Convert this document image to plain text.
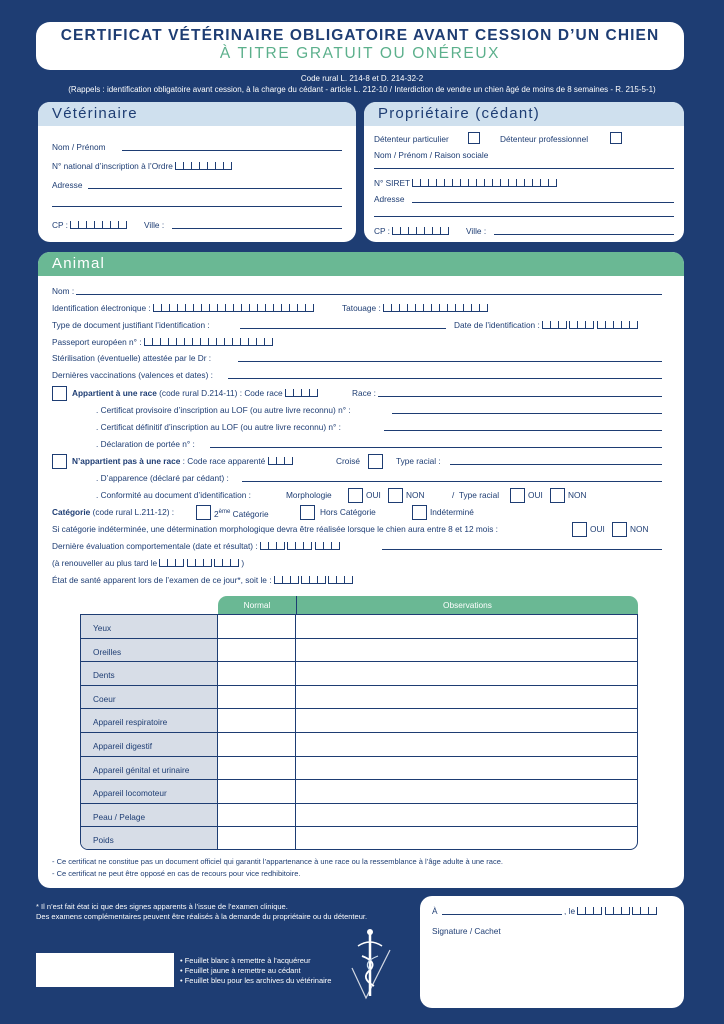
CERTIFICAT VÉTÉRINAIRE OBLIGATOIRE AVANT CESSION D’UN CHIEN
À TITRE GRATUIT OU ONÉREUX
Code rural L. 214-8 et D. 214-32-2
(Rappels : identification obligatoire avant cession, à la charge du cédant - article L. 212-10 / Interdiction de vendre un chien âgé de moins de 8 semaines - R. 215-5-1)
Vétérinaire
Nom / Prénom
N° national d’inscription à l’Ordre
Adresse
CP :	Ville :
Propriétaire (cédant)
Détenteur particulier	Détenteur professionnel
Nom / Prénom / Raison sociale
N° SIRET
Adresse
CP :	Ville :
Animal
Nom :
Identification électronique :	Tatouage :
Type de document justifiant l’identification :	Date de l’identification :
Passeport européen n° :
Stérilisation (éventuelle) attestée par le Dr :
Dernières vaccinations (valences et dates) :
Appartient à une race (code rural D.214-11) : Code race	Race :
. Certificat provisoire d’inscription au LOF (ou autre livre reconnu) n° :
. Certificat définitif d’inscription au LOF (ou autre livre reconnu) n° :
. Déclaration de portée n° :
N’appartient pas à une race : Code race apparenté	Croisé	Type racial :
. D’apparence (déclaré par cédant) :
. Conformité au document d’identification :	Morphologie	OUI	NON	/  Type racial	OUI	NON
Catégorie (code rural L.211-12) :	2ème Catégorie	Hors Catégorie	Indéterminé
Si catégorie indéterminée, une détermination morphologique devra être réalisée lorsque le chien aura entre 8 et 12 mois :	OUI	NON
Dernière évaluation comportementale (date et résultat) :
(à renouveller au plus tard le	)
État de santé apparent lors de l’examen de ce jour*, soit le :
Normal	Observations
Yeux
Oreilles
Dents
Coeur
Appareil respiratoire
Appareil digestif
Appareil génital et urinaire
Appareil locomoteur
Peau / Pelage
Poids
- Ce certificat ne constitue pas un document officiel qui garantit l’appartenance à une race ou la ressemblance à l’âge adulte à une race.
- Ce certificat ne peut être opposé en cas de recours pour vice redhibitoire.
* Il n’est fait état ici que des signes apparents à l’issue de l’examen clinique.
Des examens complémentaires peuvent être réalisés à la demande du propriétaire ou du détenteur.
• Feuillet blanc à remettre à l’acquéreur
• Feuillet jaune à remettre au cédant
• Feuillet bleu pour les archives du vétérinaire
À	, le
Signature / Cachet
